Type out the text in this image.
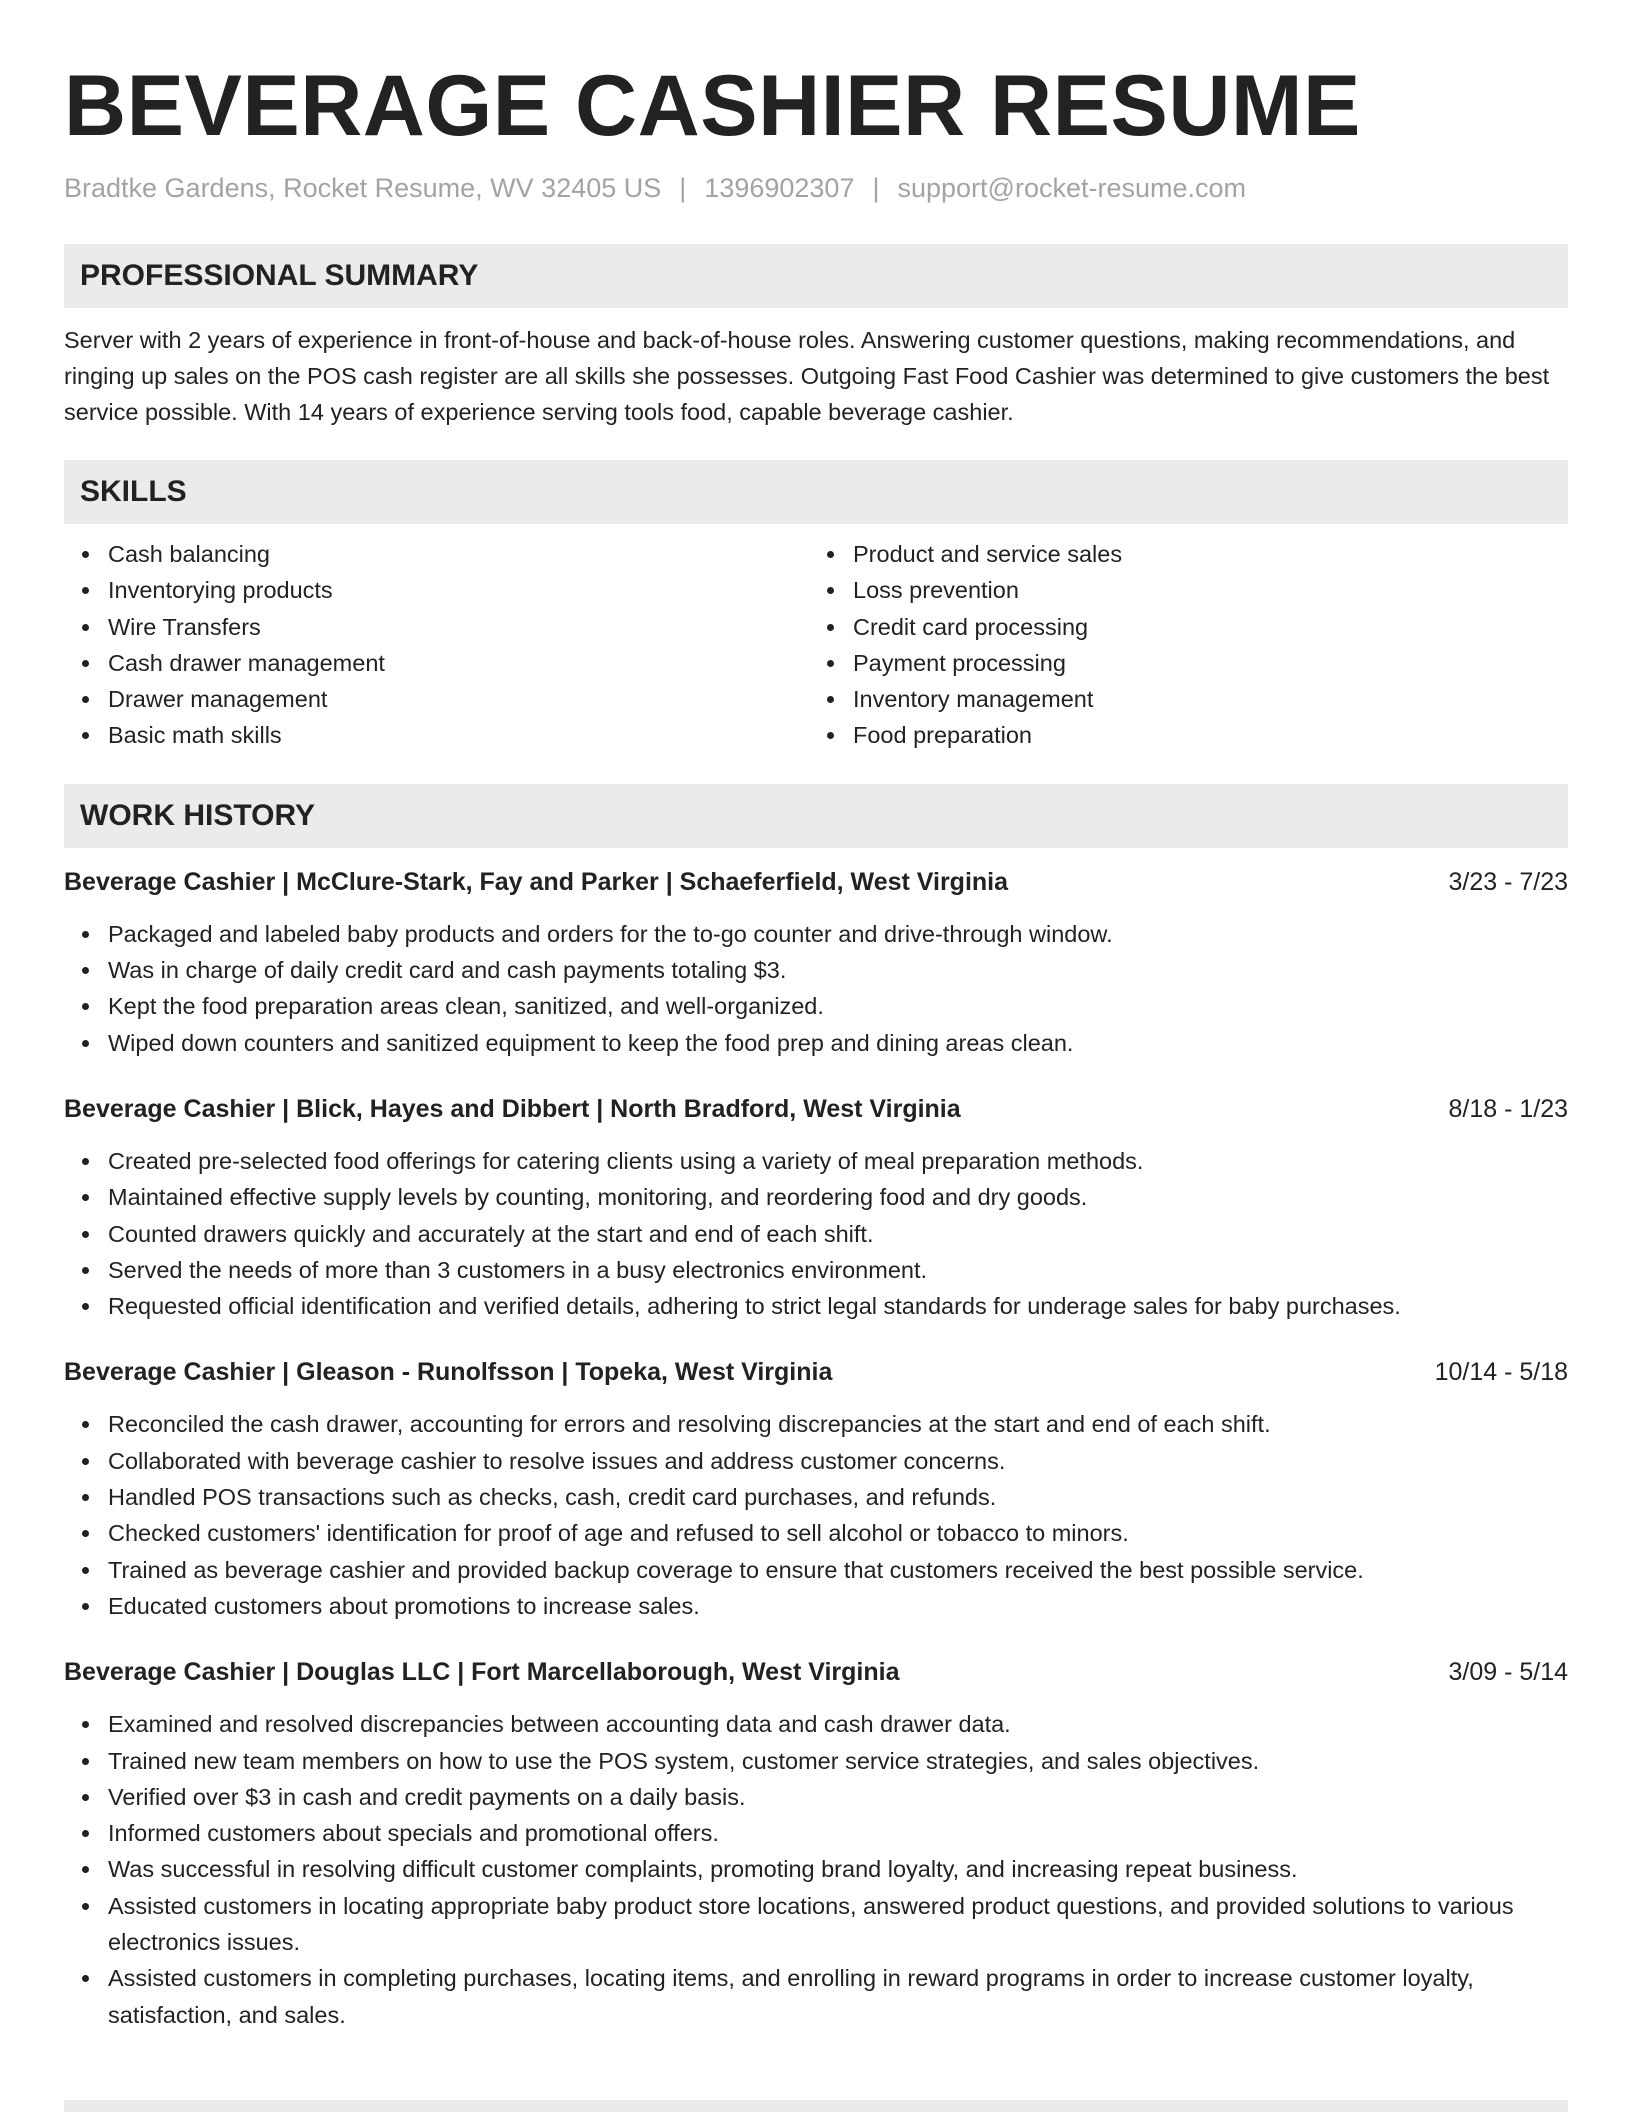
BEVERAGE CASHIER RESUME
Bradtke Gardens, Rocket Resume, WV 32405 US | 1396902307 | support@rocket-resume.com
PROFESSIONAL SUMMARY
Server with 2 years of experience in front-of-house and back-of-house roles. Answering customer questions, making recommendations, and ringing up sales on the POS cash register are all skills she possesses. Outgoing Fast Food Cashier was determined to give customers the best service possible. With 14 years of experience serving tools food, capable beverage cashier.
SKILLS
Cash balancing
Inventorying products
Wire Transfers
Cash drawer management
Drawer management
Basic math skills
Product and service sales
Loss prevention
Credit card processing
Payment processing
Inventory management
Food preparation
WORK HISTORY
Beverage Cashier | McClure-Stark, Fay and Parker | Schaeferfield, West Virginia	3/23 - 7/23
Packaged and labeled baby products and orders for the to-go counter and drive-through window.
Was in charge of daily credit card and cash payments totaling $3.
Kept the food preparation areas clean, sanitized, and well-organized.
Wiped down counters and sanitized equipment to keep the food prep and dining areas clean.
Beverage Cashier | Blick, Hayes and Dibbert | North Bradford, West Virginia	8/18 - 1/23
Created pre-selected food offerings for catering clients using a variety of meal preparation methods.
Maintained effective supply levels by counting, monitoring, and reordering food and dry goods.
Counted drawers quickly and accurately at the start and end of each shift.
Served the needs of more than 3 customers in a busy electronics environment.
Requested official identification and verified details, adhering to strict legal standards for underage sales for baby purchases.
Beverage Cashier | Gleason - Runolfsson | Topeka, West Virginia	10/14 - 5/18
Reconciled the cash drawer, accounting for errors and resolving discrepancies at the start and end of each shift.
Collaborated with beverage cashier to resolve issues and address customer concerns.
Handled POS transactions such as checks, cash, credit card purchases, and refunds.
Checked customers' identification for proof of age and refused to sell alcohol or tobacco to minors.
Trained as beverage cashier and provided backup coverage to ensure that customers received the best possible service.
Educated customers about promotions to increase sales.
Beverage Cashier | Douglas LLC | Fort Marcellaborough, West Virginia	3/09 - 5/14
Examined and resolved discrepancies between accounting data and cash drawer data.
Trained new team members on how to use the POS system, customer service strategies, and sales objectives.
Verified over $3 in cash and credit payments on a daily basis.
Informed customers about specials and promotional offers.
Was successful in resolving difficult customer complaints, promoting brand loyalty, and increasing repeat business.
Assisted customers in locating appropriate baby product store locations, answered product questions, and provided solutions to various electronics issues.
Assisted customers in completing purchases, locating items, and enrolling in reward programs in order to increase customer loyalty, satisfaction, and sales.
